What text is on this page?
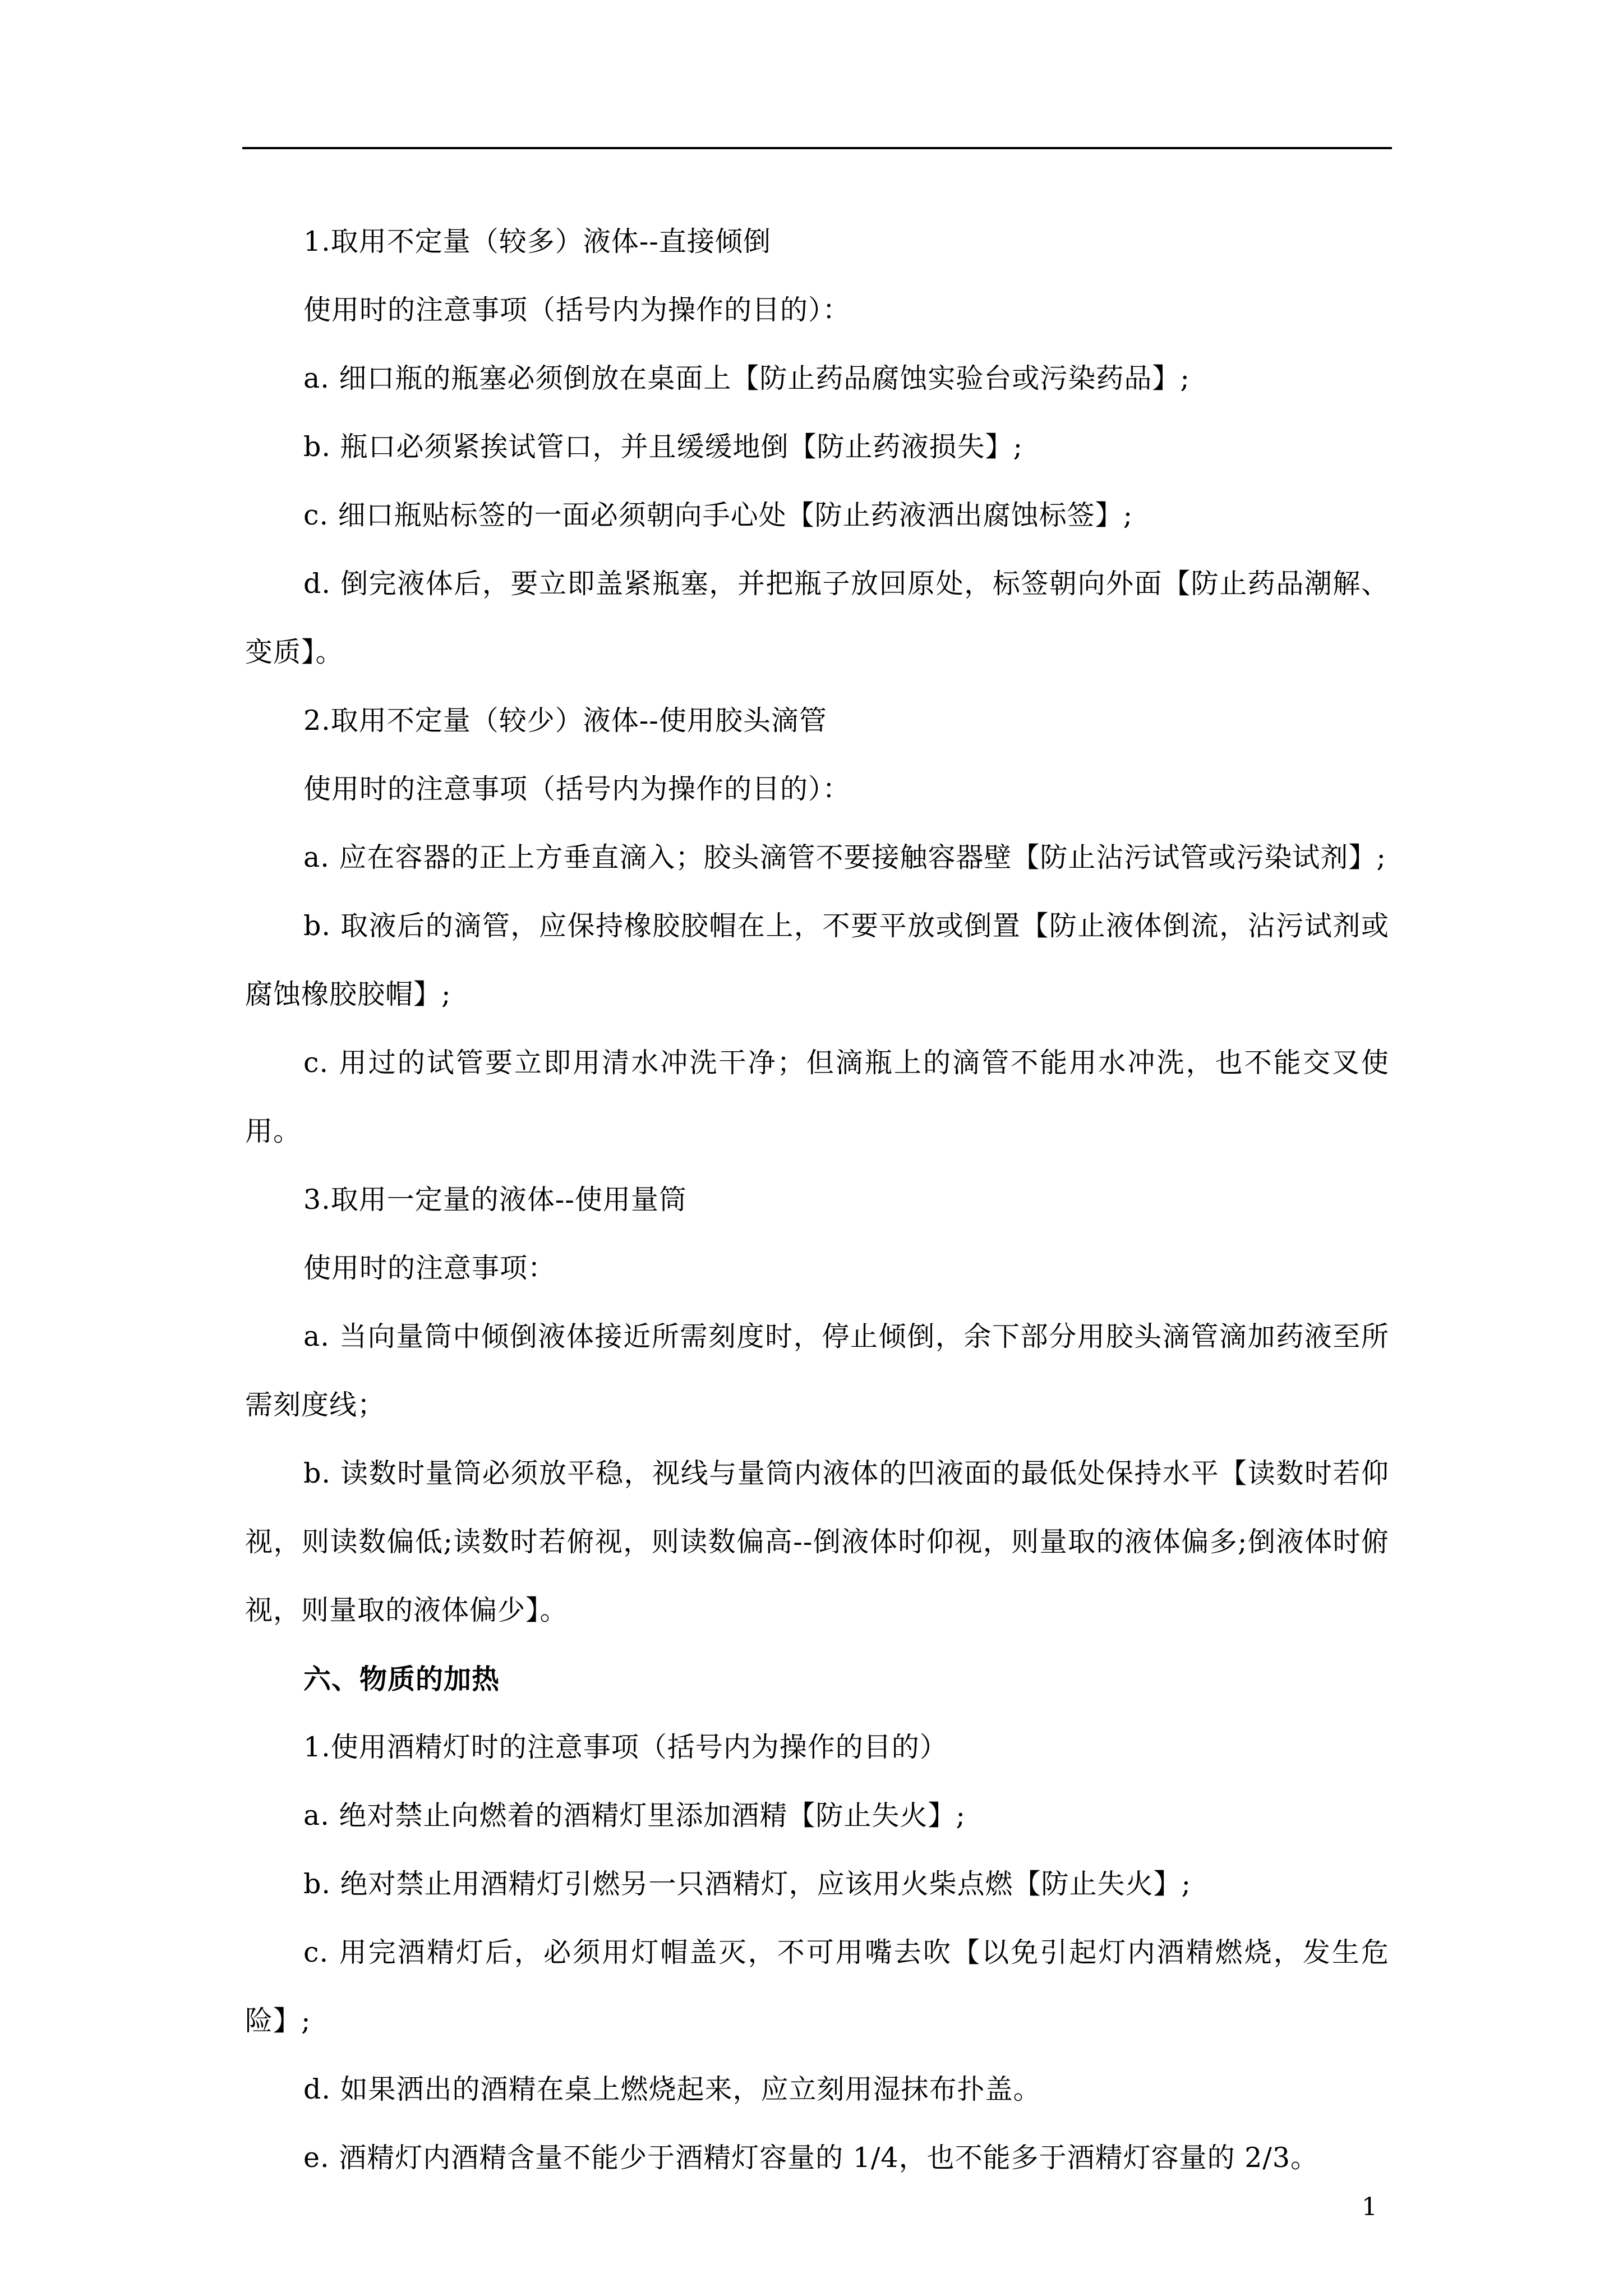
1.取用不定量（较多）液体--直接倾倒

使用时的注意事项（括号内为操作的目的）：

a. 细口瓶的瓶塞必须倒放在桌面上【防止药品腐蚀实验台或污染药品】;

b. 瓶口必须紧挨试管口，并且缓缓地倒【防止药液损失】;

c. 细口瓶贴标签的一面必须朝向手心处【防止药液洒出腐蚀标签】;

d. 倒完液体后，要立即盖紧瓶塞，并把瓶子放回原处，标签朝向外面【防止药品潮解、变质】。

2.取用不定量（较少）液体--使用胶头滴管

使用时的注意事项（括号内为操作的目的）：

a. 应在容器的正上方垂直滴入；胶头滴管不要接触容器壁【防止沾污试管或污染试剂】;

b. 取液后的滴管，应保持橡胶胶帽在上，不要平放或倒置【防止液体倒流，沾污试剂或腐蚀橡胶胶帽】;

c. 用过的试管要立即用清水冲洗干净；但滴瓶上的滴管不能用水冲洗，也不能交叉使用。

3.取用一定量的液体--使用量筒

使用时的注意事项：

a. 当向量筒中倾倒液体接近所需刻度时，停止倾倒，余下部分用胶头滴管滴加药液至所需刻度线；

b. 读数时量筒必须放平稳，视线与量筒内液体的凹液面的最低处保持水平【读数时若仰视，则读数偏低;读数时若俯视，则读数偏高--倒液体时仰视，则量取的液体偏多;倒液体时俯视，则量取的液体偏少】。

六、物质的加热

1.使用酒精灯时的注意事项（括号内为操作的目的）

a. 绝对禁止向燃着的酒精灯里添加酒精【防止失火】;

b. 绝对禁止用酒精灯引燃另一只酒精灯，应该用火柴点燃【防止失火】;

c. 用完酒精灯后，必须用灯帽盖灭，不可用嘴去吹【以免引起灯内酒精燃烧，发生危险】;

d. 如果洒出的酒精在桌上燃烧起来，应立刻用湿抹布扑盖。

e. 酒精灯内酒精含量不能少于酒精灯容量的 1/4，也不能多于酒精灯容量的 2/3。

1
